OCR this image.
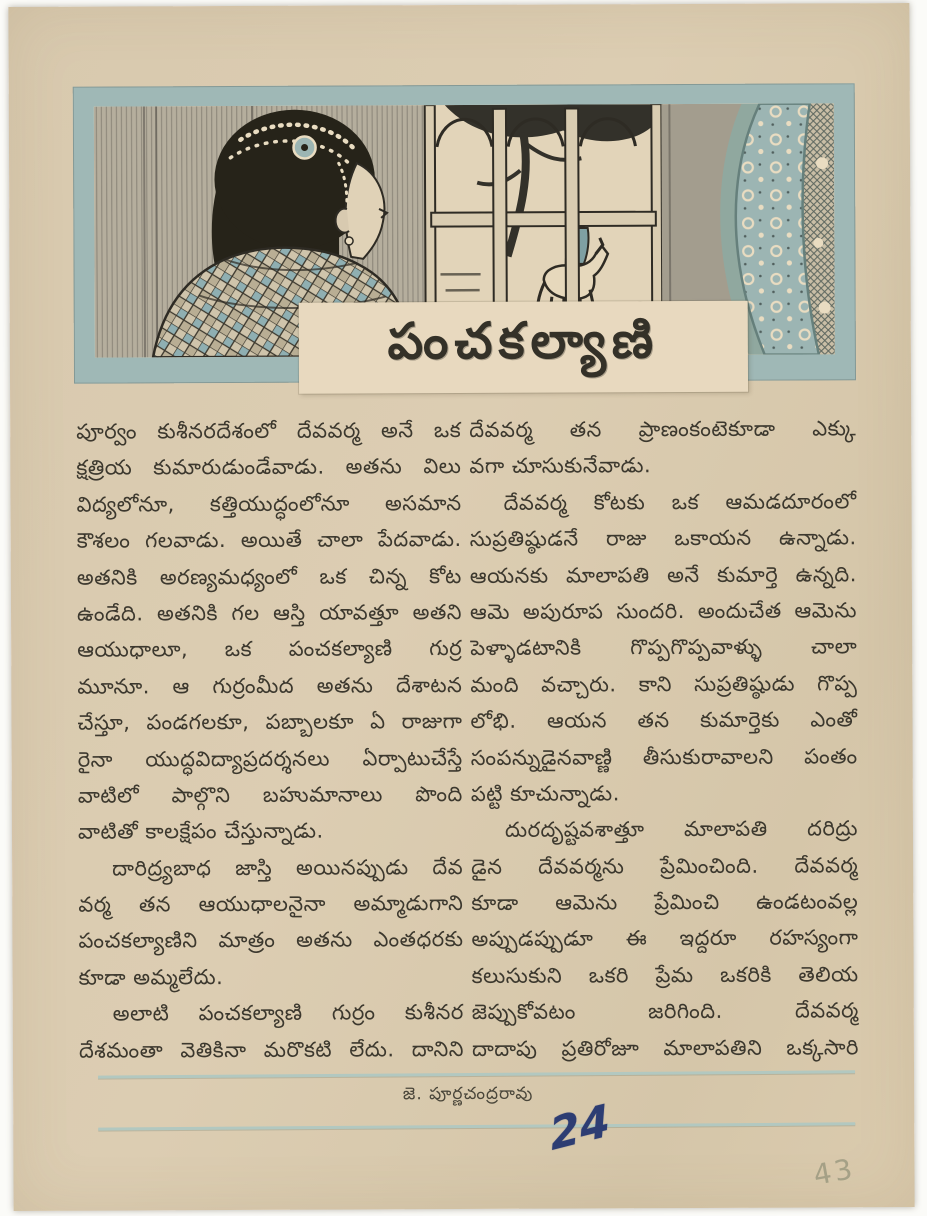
పంచకల్యాణి
పూర్వం కుశీనరదేశంలో దేవవర్మ అనే ఒక
క్షత్రియ కుమారుడుండేవాడు. అతను విలు
విద్యలోనూ, కత్తియుద్ధంలోనూ అసమాన
కౌశలం గలవాడు. అయితే చాలా పేదవాడు.
అతనికి అరణ్యమధ్యంలో ఒక చిన్న కోట
ఉండేది. అతనికి గల ఆస్తి యావత్తూ అతని
ఆయుధాలూ, ఒక పంచకల్యాణి గుర్ర
మూనూ. ఆ గుర్రంమీద అతను దేశాటన
చేస్తూ, పండగలకూ, పబ్బాలకూ ఏ రాజుగా
రైనా యుద్ధవిద్యాప్రదర్శనలు ఏర్పాటుచేస్తే
వాటిలో పాల్గొని బహుమానాలు పొంది
వాటితో కాలక్షేపం చేస్తున్నాడు.
దారిద్ర్యబాధ జాస్తి అయినప్పుడు దేవ
వర్మ తన ఆయుధాలనైనా అమ్మాడుగాని
పంచకల్యాణిని మాత్రం అతను ఎంతధరకు
కూడా అమ్మలేదు.
అలాటి పంచకల్యాణి గుర్రం కుశీనర
దేశమంతా వెతికినా మరొకటి లేదు. దానిని
దేవవర్మ తన ప్రాణంకంటెకూడా ఎక్కు
వగా చూసుకునేవాడు.
దేవవర్మ కోటకు ఒక ఆమడదూరంలో
సుప్రతిష్ఠుడనే రాజు ఒకాయన ఉన్నాడు.
ఆయనకు మాలాపతి అనే కుమార్తె ఉన్నది.
ఆమె అపురూప సుందరి. అందుచేత ఆమెను
పెళ్ళాడటానికి గొప్పగొప్పవాళ్ళు చాలా
మంది వచ్చారు. కాని సుప్రతిష్ఠుడు గొప్ప
లోభి. ఆయన తన కుమార్తెకు ఎంతో
సంపన్నుడైనవాణ్ణి తీసుకురావాలని పంతం
పట్టి కూచున్నాడు.
దురదృష్టవశాత్తూ మాలాపతి దరిద్రు
డైన దేవవర్మను ప్రేమించింది. దేవవర్మ
కూడా ఆమెను ప్రేమించి ఉండటంవల్ల
అప్పుడప్పుడూ ఈ ఇద్దరూ రహస్యంగా
కలుసుకుని ఒకరి ప్రేమ ఒకరికి తెలియ
జెప్పుకోవటం జరిగింది. దేవవర్మ
దాదాపు ప్రతిరోజూ మాలాపతిని ఒక్కసారి
జె. పూర్ణచంద్రరావు
24
43
